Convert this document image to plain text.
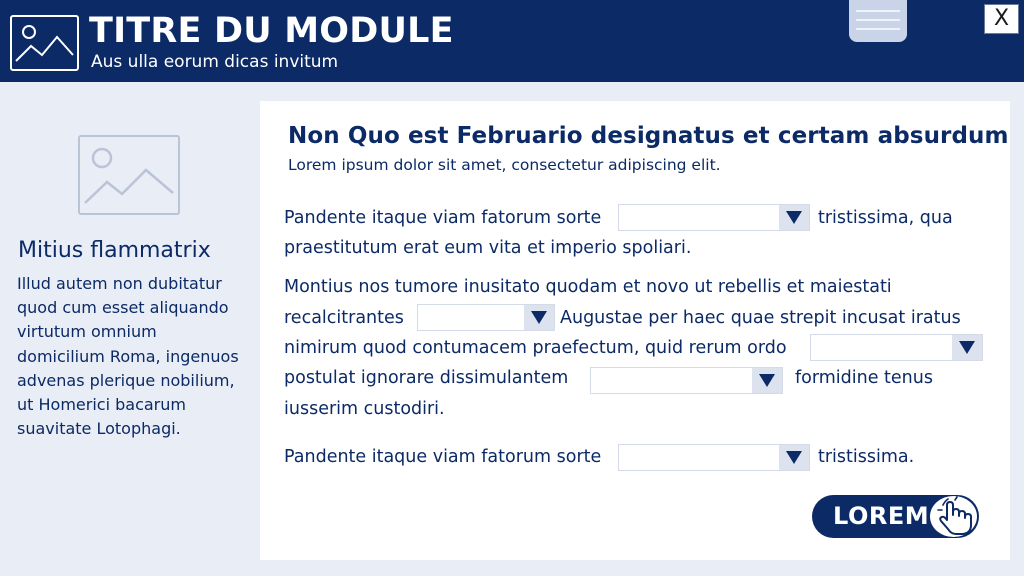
TITRE DU MODULE
Aus ulla eorum dicas invitum
X
Mitius flammatrix
Illud autem non dubitatur quod cum esset aliquando virtutum omnium domicilium Roma, ingenuos advenas plerique nobilium, ut Homerici bacarum suavitate Lotophagi.
Non Quo est Februario designatus et certam absurdum
Lorem ipsum dolor sit amet, consectetur adipiscing elit.
Pandente itaque viam fatorum sorte	tristissima, qua
praestitutum erat eum vita et imperio spoliari.
Montius nos tumore inusitato quodam et novo ut rebellis et maiestati
recalcitrantes	Augustae per haec quae strepit incusat iratus
nimirum quod contumacem praefectum, quid rerum ordo
postulat ignorare dissimulantem	formidine tenus
iusserim custodiri.
Pandente itaque viam fatorum sorte	tristissima.
LOREM
